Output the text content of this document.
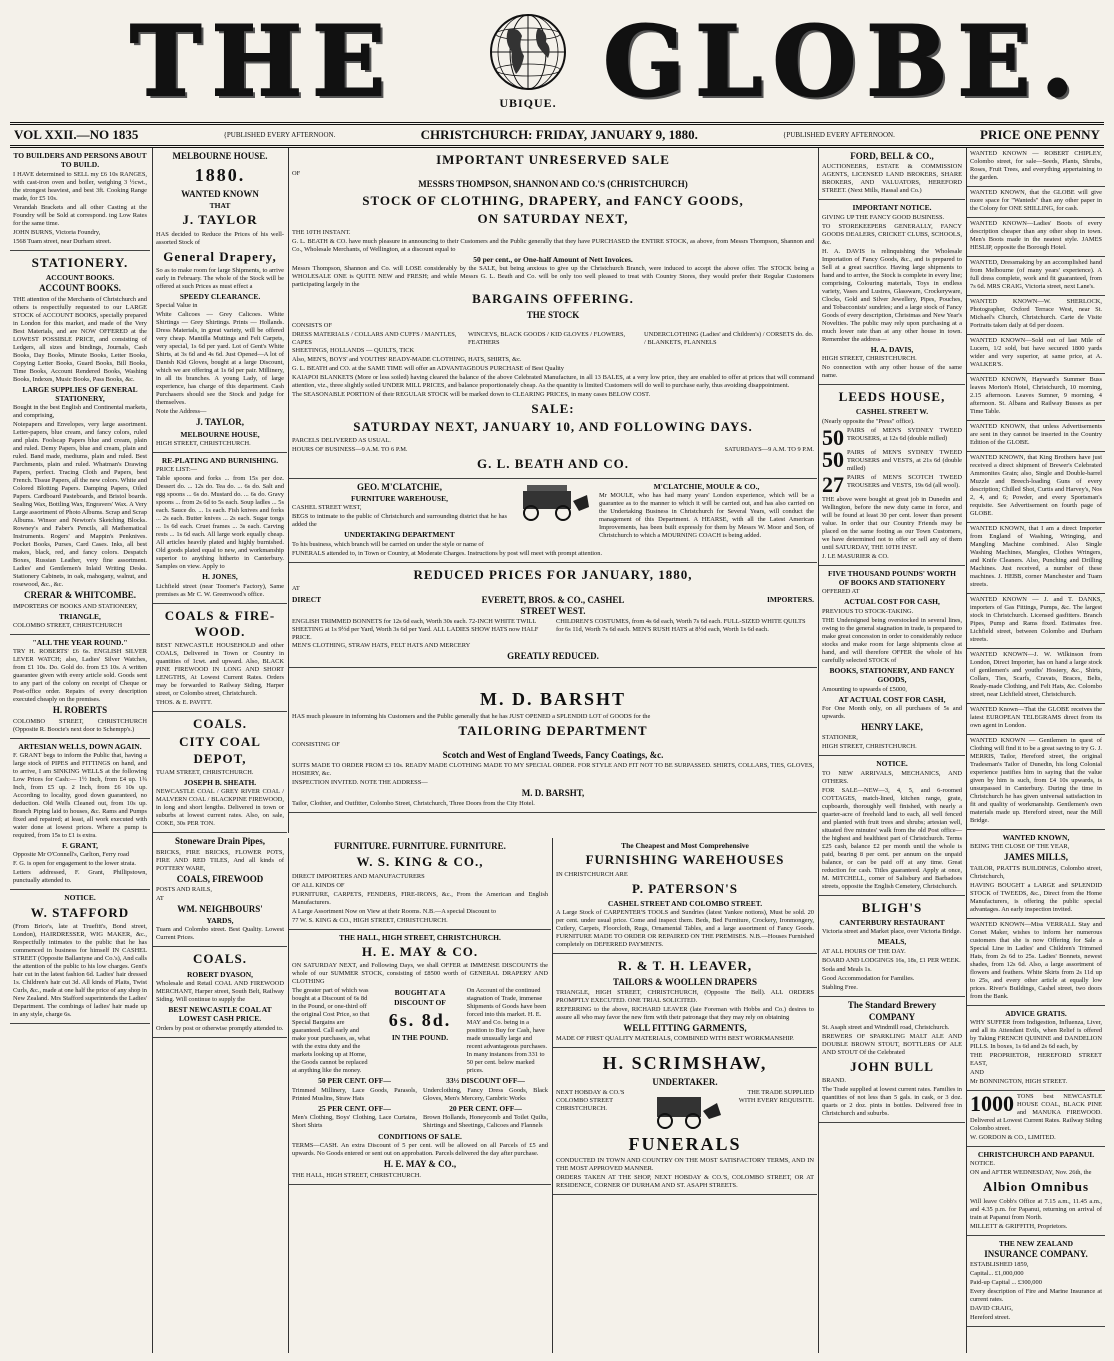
THE	UBIQUE. GLOBE.
VOL XXII.—NO 1835	{PUBLISHED EVERY AFTERNOON.	CHRISTCHURCH: FRIDAY, JANUARY 9, 1880.	{PUBLISHED EVERY AFTERNOON.	PRICE ONE PENNY
TO BUILDERS AND PERSONS ABOUT TO BUILD.

I HAVE determined to SELL my £6 10s RANGES, with cast-iron oven and boiler, weighing 3 ½cwt., the strongest heaviest, and best 3ft. Cooking Range made, for £5 10s.

Verandah Brackets and all other Casting at the Foundry will be Sold at correspond. ing Low Rates for the same time.

JOHN BURNS, Victoria Foundry,

1568 Tuam street, near Durham street.

STATIONERY.
ACCOUNT BOOKS.
ACCOUNT BOOKS.

THE attention of the Merchants of Christchurch and others is respectfully requested to our LARGE STOCK of ACCOUNT BOOKS, specially prepared in London for this market, and made of the Very Best Materials, and are NOW OFFERED at the LOWEST POSSIBLE PRICE, and consisting of Ledgers, all sizes and bindings, Journals, Cash Books, Day Books, Minute Books, Letter Books, Copying Letter Books, Guard Books, Bill Books, Time Books, Account Rendered Books, Washing Books, Indexes, Music Books, Pass Books, &c.

LARGE SUPPLIES OF GENERAL STATIONERY,

Bought in the best English and Continental markets, and comprising,

Notepapers and Envelopes, very large assortment. Letter-papers, blue cream, and fancy colors, ruled and plain. Foolscap Papers blue and cream, plain and ruled. Demy Papers, blue and cream, plain and ruled. Band made, mediums, plain and ruled. Best Parchments, plain and ruled. Whatman's Drawing Papers, perfect. Tracing Cloth and Papers, best French. Tissue Papers, all the new colors. White and Colored Blotting Papers. Damping Papers, Oiled Papers. Cardboard Pasteboards, and Bristol boards. Sealing Wax, Bottling Wax, Engravers' Wax. A Very Large assortment of Photo Albums. Scrap and Scrap Albums. Winsor and Newton's Sketching Blocks. Rowney's and Faber's Pencils, all Mathematical Instruments. Rogers' and Mappin's Penknives. Pocket Books, Purses, Card Cases. Inks, all best makes, black, red, and fancy colors. Despatch Boxes, Russian Leather, very fine assortment. Ladies' and Gentlemen's Inlaid Writing Desks. Stationery Cabinets, in oak, mahogany, walnut, and rosewood, &c., &c.

CRERAR & WHITCOMBE.

IMPORTERS OF BOOKS AND STATIONERY,

TRIANGLE,

COLOMBO STREET, CHRISTCHURCH

"ALL THE YEAR ROUND."

TRY H. ROBERTS' £6 6s. ENGLISH SILVER LEVER WATCH; also, Ladies' Silver Watches, from £1 10s. Do. Gold do. from £3 10s. A written guarantee given with every article sold. Goods sent to any part of the colony on receipt of Cheque or Post-office order. Repairs of every description executed cheaply on the premises.

H. ROBERTS

COLOMBO STREET, CHRISTCHURCH (Opposite R. Boocie's next door to Schempp's.)

ARTESIAN WELLS, DOWN AGAIN.

F. GRANT begs to inform the Public that, having a large stock of PIPES and FITTINGS on hand, and to arrive, I am SINKING WELLS at the following Low Prices for Cash:— 1½ Inch, from £4 up. 1¾ Inch, from £5 up. 2 Inch, from £6 10s up. According to locality, good down guaranteed, no deduction. Old Wells Cleaned out, from 10s up. Branch Piping laid to houses, &c. Rams and Pumps fixed and repaired; at least, all work executed with water done at lowest prices. Where a pump is required, from 15s to £1 is extra.

F. GRANT,

Opposite Mr O'Connell's, Carlton, Ferry road

F. G. is open for engagement to the lower strata.

Letters addressed, F. Grant, Phillipstown, punctually attended to.

NOTICE.
W. STAFFORD

(From Brice's, late at Truefitt's, Bond street, London), HAIRDRESSER, WIG MAKER, &c., Respectfully intimates to the public that he has commenced in business for himself IN CASHEL STREET (Opposite Ballantyne and Co.'s), And calls the attention of the public to his low charges. Gent's hair cut in the latest fashion 6d. Ladies' hair dressed 1s. Children's hair cut 3d. All kinds of Plaits, Twist Curls, &c., made at one half the price of any shop in New Zealand. Mrs Stafford superintends the Ladies' Department. The combings of ladies' hair made up in any style, charge 6s.

MELBOURNE HOUSE.
1880.
WANTED KNOWN
THAT
J. TAYLOR

HAS decided to Reduce the Prices of his well-assorted Stock of

General Drapery,

So as to make room for large Shipments, to arrive early in February. The whole of the Stock will be offered at such Prices as must effect a

SPEEDY CLEARANCE.

Special Value in

White Calicoes — Grey Calicoes. White Shirtings — Grey Shirtings. Prints — Hollands. Dress Materials, in great variety, will be offered very cheap. Mantilla Muttings and Felt Carpets, very special, 1s 6d per yard. Lot of Gent's White Shirts, at 3s 6d and 4s 6d. Just Opened—A lot of Danish Kid Gloves, bought at a large Discount, which we are offering at 1s 6d per pair. Millinery, in all its branches. A young Lady, of large experience, has charge of this department. Cash Purchasers should see the Stock and judge for themselves.

Note the Address—

J. TAYLOR,
MELBOURNE HOUSE,

HIGH STREET, CHRISTCHURCH.

RE-PLATING AND BURNISHING.

PRICE LIST:—

Table spoons and forks ... from 15s per doz. Dessert do. ... 12s do. Tea do. ... 6s do. Salt and egg spoons ... 6s do. Mustard do. ... 6s do. Gravy spoons ... from 2s 6d to 5s each. Soup ladles ... 5s each. Sauce do. ... 1s each. Fish knives and forks ... 2s each. Butter knives ... 2s each. Sugar tongs ... 1s 6d each. Cruet frames ... 3s each. Carving rests ... 1s 6d each. All large work equally cheap. All articles heavily plated and highly burnished. Old goods plated equal to new, and workmanship superior to anything hitherto in Canterbury. Samples on view. Apply to

H. JONES,

Lichfield street (near Toomer's Factory), Same premises as Mr C. W. Greenwood's office.

COALS & FIRE-WOOD.

BEST NEWCASTLE HOUSEHOLD and other COALS, Delivered in Town or Country in quantities of 1cwt. and upward. Also, BLACK PINE FIREWOOD IN LONG AND SHORT LENGTHS, At Lowest Current Rates. Orders may be forwarded to Railway Siding, Harper street, or Colombo street, Christchurch.

THOS. & E. PAVITT.

COALS.
CITY COAL DEPOT,

TUAM STREET, CHRISTCHURCH.

JOSEPH B. SHEATH.

NEWCASTLE COAL / GREY RIVER COAL / MALVERN COAL / BLACKPINE FIREWOOD, in long and short lengths. Delivered in town or suburbs at lowest current rates. Also, on sale, COKE, 30s PER TON.

Stoneware Drain Pipes,

BRICKS, FIRE BRICKS, FLOWER POTS, FIRE AND RED TILES, And all kinds of POTTERY WARE,

COALS, FIREWOOD

POSTS AND RAILS,

AT

WM. NEIGHBOURS'
YARDS,

Tuam and Colombo street. Best Quality. Lowest Current Prices.

COALS.
ROBERT DYASON,

Wholesale and Retail COAL AND FIREWOOD MERCHANT, Harper street, South Belt, Railway Siding. Will continue to supply the

BEST NEWCASTLE COAL AT LOWEST CASH PRICE.

Orders by post or otherwise promptly attended to.

IMPORTANT UNRESERVED SALE

OF

MESSRS THOMPSON, SHANNON AND CO.'S (CHRISTCHURCH)
STOCK OF CLOTHING, DRAPERY, and FANCY GOODS,
ON SATURDAY NEXT,

THE 10TH INSTANT.

G. L. BEATH & CO. have much pleasure in announcing to their Customers and the Public generally that they have PURCHASED the ENTIRE STOCK, as above, from Messrs Thompson, Shannon and Co., Wholesale Merchants, of Wellington, at a discount equal to

50 per cent., or One-half Amount of Nett Invoices.

Messrs Thompson, Shannon and Co. will LOSE considerably by the SALE, but being anxious to give up the Christchurch Branch, were induced to accept the above offer. The STOCK being a WHOLESALE ONE is QUITE NEW and FRESH; and while Messrs G. L. Beath and Co. will be only too well pleased to treat with Country Stores, they would prefer their Regular Customers participating largely in the

BARGAINS OFFERING.
THE STOCK

CONSISTS OF

DRESS MATERIALS / COLLARS AND CUFFS / MANTLES, CAPES
WINCEYS, BLACK GOODS / KID GLOVES / FLOWERS, FEATHERS
UNDERCLOTHING (Ladies' and Children's) / CORSETS do. do. / BLANKETS, FLANNELS

SHEETINGS, HOLLANDS — QUILTS, TICK

Also, MEN'S, BOYS' and YOUTHS' READY-MADE CLOTHING, HATS, SHIRTS, &c.

G. L. BEATH and CO. at the SAME TIME will offer an ADVANTAGEOUS PURCHASE of Best Quality

KAIAPOI BLANKETS (More or less soiled) having cleared the balance of the above Celebrated Manufacture, in all 13 BALES, at a very low price, they are enabled to offer at prices that will command attention, viz., three slightly soiled UNDER MILL PRICES, and balance proportionately cheap. As the quantity is limited Customers will do well to purchase early, thus avoiding disappointment.

The SEASONABLE PORTION of their REGULAR STOCK will be marked down to CLEARING PRICES, in many cases BELOW COST.

SALE:
SATURDAY NEXT, JANUARY 10, AND FOLLOWING DAYS.

PARCELS DELIVERED AS USUAL.

HOURS OF BUSINESS—9 A.M. TO 6 P.M.	SATURDAYS—9 A.M. TO 9 P.M.
G. L. BEATH AND CO.
GEO. M'CLATCHIE,
FURNITURE WAREHOUSE,

CASHEL STREET WEST,

BEGS to intimate to the public of Christchurch and surrounding district that he has added the

UNDERTAKING DEPARTMENT

To his business, which branch will be carried on under the style or name of

M'CLATCHIE, MOULE & CO.,

Mr MOULE, who has had many years' London experience, which will be a guarantee as to the manner to which it will be carried out, and has also carried on the Undertaking Business in Christchurch for Several Years, will conduct the management of this Department. A HEARSE, with all the Latest American Improvements, has been built expressly for them by Messrs W. Moor and Son, of Christchurch to which a MOURNING COACH is being added.

FUNERALS attended to, in Town or Country, at Moderate Charges. Instructions by post will meet with prompt attention.

REDUCED PRICES FOR JANUARY, 1880,

AT

DIRECT	EVERETT, BROS. & CO., CASHEL STREET WEST.
IMPORTERS.
ENGLISH TRIMMED BONNETS for 12s 6d each, Worth 30s each. 72-INCH WHITE TWILL SHEETING at 1s 9½d per Yard, Worth 3s 6d per Yard. ALL LADIES SHOW HATS now HALF PRICE.
CHILDREN'S COSTUMES, from 4s 6d each, Worth 7s 6d each. FULL-SIZED WHITE QUILTS for 6s 11d, Worth 7s 6d each. MEN'S RUSH HATS at 8½d each, Worth 1s 6d each.

MEN'S CLOTHING, STRAW HATS, FELT HATS AND MERCERY

GREATLY REDUCED.
M. D. BARSHT

HAS much pleasure in informing his Customers and the Public generally that he has JUST OPENED a SPLENDID LOT of GOODS for the

TAILORING DEPARTMENT

CONSISTING OF

Scotch and West of England Tweeds, Fancy Coatings, &c.

SUITS MADE TO ORDER FROM £3 10s. READY MADE CLOTHING MADE TO MY SPECIAL ORDER. FOR STYLE AND FIT NOT TO BE SURPASSED. SHIRTS, COLLARS, TIES, GLOVES, HOSIERY, &c.

INSPECTION INVITED. NOTE THE ADDRESS—

M. D. BARSHT,

Tailor, Clothier, and Outfitter, Colombo Street, Christchurch, Three Doors from the City Hotel.

FURNITURE. FURNITURE. FURNITURE.
W. S. KING & CO.,

DIRECT IMPORTERS AND MANUFACTURERS

OF ALL KINDS OF

FURNITURE, CARPETS, FENDERS, FIRE-IRONS, &c., From the American and English Manufacturers.

A Large Assortment Now on View at their Rooms. N.B.—A special Discount to

77 W. S. KING & CO., HIGH STREET, CHRISTCHURCH.

THE HALL, HIGH STREET, CHRISTCHURCH.
H. E. MAY & CO.

ON SATURDAY NEXT, and Following Days, we shall OFFER at IMMENSE DISCOUNTS the whole of our SUMMER STOCK, consisting of £8500 worth of GENERAL DRAPERY AND CLOTHING

The greater part of which was bought at a Discount of 6s 8d in the Pound, or one-third off the original Cost Price, so that Special Bargains are guaranteed. Call early and make your purchases, as, what with the extra duty and the markets looking up at Home, the Goods cannot be replaced at anything like the money.
BOUGHT AT A DISCOUNT OF
6s. 8d.
IN THE POUND.
On Account of the continued stagnation of Trade, immense Shipments of Goods have been forced into this market. H. E. MAY and Co. being in a position to Buy for Cash, have made unusually large and recent advantageous purchases. In many instances from 331 to 50 per cent. below marked prices.
50 PER CENT. OFF—

Trimmed Millinery, Lace Goods, Parasols, Printed Muslins, Straw Hats

25 PER CENT. OFF—

Men's Clothing, Boys' Clothing, Lace Curtains, Short Shirts

33½ DISCOUNT OFF—

Underclothing, Fancy Dress Goods, Black Gloves, Men's Mercery, Cambric Works

20 PER CENT. OFF—

Brown Hollands, Honeycomb and Toilet Quilts, Shirtings and Sheetings, Calicoes and Flannels

CONDITIONS OF SALE.

TERMS—CASH. An extra Discount of 5 per cent. will be allowed on all Parcels of £5 and upwards. No Goods entered or sent out on approbation. Parcels delivered the day after purchase.

H. E. MAY & CO.,

THE HALL, HIGH STREET, CHRISTCHURCH.

The Cheapest and Most Comprehensive
FURNISHING WAREHOUSES

IN CHRISTCHURCH ARE

P. PATERSON'S
CASHEL STREET AND COLOMBO STREET.

A Large Stock of CARPENTER'S TOOLS and Sundries (latest Yankee notions), Must be sold. 20 per cent. under usual price. Come and inspect them. Beds, Bed Furniture, Crockery, Ironmongery, Cutlery, Carpets, Floorcloth, Rugs, Ornamental Tables, and a large assortment of Fancy Goods. FURNITURE MADE TO ORDER OR REPAIRED ON THE PREMISES. N.B.—Houses Furnished completely on DEFERRED PAYMENTS.

R. & T. H. LEAVER,
TAILORS & WOOLLEN DRAPERS

TRIANGLE, HIGH STREET, CHRISTCHURCH, (Opposite The Bell). ALL ORDERS PROMPTLY EXECUTED. ONE TRIAL SOLICITED.

REFERRING to the above, RICHARD LEAVER (late Foreman with Hobbs and Co.) desires to assure all who may favor the new firm with their patronage that they may rely on obtaining

WELL FITTING GARMENTS,

MADE OF FIRST QUALITY MATERIALS, COMBINED WITH BEST WORKMANSHIP.

H. SCRIMSHAW,
UNDERTAKER.
NEXT HOBDAY & CO.'S COLOMBO STREET CHRISTCHURCH.
THE TRADE SUPPLIED WITH EVERY REQUISITE.
FUNERALS

CONDUCTED IN TOWN AND COUNTRY ON THE MOST SATISFACTORY TERMS, AND IN THE MOST APPROVED MANNER.

ORDERS TAKEN AT THE SHOP, NEXT HOBDAY & CO.'S, COLOMBO STREET, OR AT RESIDENCE, CORNER OF DURHAM AND ST. ASAPH STREETS.

FORD, BELL & CO.,

AUCTIONEERS, ESTATE & COMMISSION AGENTS, LICENSED LAND BROKERS, SHARE BROKERS, AND VALUATORS, HEREFORD STREET. (Next Mills, Hassal and Co.)

IMPORTANT NOTICE.

GIVING UP THE FANCY GOOD BUSINESS.

TO STOREKEEPERS GENERALLY, FANCY GOODS DEALERS, CRICKET CLUBS, SCHOOLS, &c.

H. A. DAVIS is relinquishing the Wholesale Importation of Fancy Goods, &c., and is prepared to Sell at a great sacrifice. Having large shipments to hand and to arrive, the Stock is complete in every line; comprising, Colouring materials, Toys in endless variety, Vases and Lustres, Glassware, Crockeryware, Clocks, Gold and Silver Jewellery, Pipes, Pouches, and Tobacconists' sundries; and a large stock of Fancy Goods of every description, Christmas and New Year's Novelties. The public may rely upon purchasing at a much lower rate than at any other house in town. Remember the address—

H. A. DAVIS,

HIGH STREET, CHRISTCHURCH.

No connection with any other house of the same name.

LEEDS HOUSE,
CASHEL STREET W.

(Nearly opposite the "Press" office).

50 PAIRS of MEN'S SYDNEY TWEED TROUSERS, at 12s 6d (double milled)

50 PAIRS of MEN'S SYDNEY TWEED TROUSERS and VESTS, at 21s 6d (double milled)

27 PAIRS of MEN'S SCOTCH TWEED TROUSERS and VESTS, 19s 6d (all wool).

THE above were bought at great job in Dunedin and Wellington, before the new duty came in force, and will be found at least 30 per cent. lower than present value. In order that our Country Friends may be placed on the same footing as our Town Customers, we have determined not to offer or sell any of them until SATURDAY, THE 10TH INST.

J. LE MASURIER & CO.

FIVE THOUSAND POUNDS' WORTH OF BOOKS AND STATIONERY

OFFERED AT

ACTUAL COST FOR CASH,

PREVIOUS TO STOCK-TAKING.

THE Undersigned being overstocked in several lines, owing to the general stagnation in trade, is prepared to make great concession in order to considerably reduce stocks and make room for large shipments close at hand, and will therefore OFFER the whole of his carefully selected STOCK of

BOOKS, STATIONERY, AND FANCY GOODS,

Amounting to upwards of £5000,

AT ACTUAL COST FOR CASH,

For One Month only, on all purchases of 5s and upwards.

HENRY LAKE,

STATIONER,

HIGH STREET, CHRISTCHURCH.

NOTICE.

TO NEW ARRIVALS, MECHANICS, AND OTHERS.

FOR SALE—NEW—3, 4, 5, and 6-roomed COTTAGES, match-lined, kitchen range, grate, cupboards, thoroughly well finished, with nearly a quarter-acre of freehold land to each, all well fenced and planted with fruit trees and shrubs; artesian well, situated five minutes' walk from the old Post office—the highest and healthiest part of Christchurch. Terms £25 cash, balance £2 per month until the whole is paid, bearing 8 per cent. per annum on the unpaid balance, or can be paid off at any time. Great reduction for cash. Titles guaranteed. Apply at once, M. MITCHELL, corner of Salisbury and Barbadoes streets, opposite the English Cemetery, Christchurch.

BLIGH'S
CANTERBURY RESTAURANT

Victoria street and Market place, over Victoria Bridge.

MEALS,

AT ALL HOURS OF THE DAY.

BOARD AND LODGINGS 16s, 18s, £1 PER WEEK.

Soda and Meals 1s.

Good Accommodation for Families.

Stabling Free.

The Standard Brewery
COMPANY

St. Asaph street and Windmill road, Christchurch.

BREWERS OF SPARKLING MALT ALE AND DOUBLE BROWN STOUT, BOTTLERS OF ALE AND STOUT Of the Celebrated

JOHN BULL

BRAND.

The Trade supplied at lowest current rates. Families in quantities of not less than 5 gals. in cask, or 3 doz. quarts or 2 doz. pints in bottles. Delivered free in Christchurch and suburbs.

WANTED KNOWN — ROBERT CHIPLEY, Colombo street, for sale—Seeds, Plants, Shrubs, Roses, Fruit Trees, and everything appertaining to the garden.

WANTED KNOWN, that the GLOBE will give more space for "Wanteds" than any other paper in the Colony for ONE SHILLING, for cash.

WANTED KNOWN—Ladies' Boots of every description cheaper than any other shop in town. Men's Boots made in the neatest style. JAMES HESLIP, opposite the Borough Hotel.

WANTED, Dressmaking by an accomplished hand from Melbourne (of many years' experience). A full dress complete, work and fit guaranteed, from 7s 6d. MRS CRAIG, Victoria street, next Lane's.

WANTED KNOWN—W. SHERLOCK, Photographer, Oxford Terrace West, near St. Michael's Church, Christchurch. Carte de Visite Portraits taken daily at 6d per dozen.

WANTED KNOWN—Sold out of last Mile of Lucern, 1/2 sold, but have secured 1800 yards wider and very superior, at same price, at A. WALKER'S.

WANTED KNOWN, Hayward's Summer Buss leaves Morton's Hotel, Christchurch, 10 morning, 2.15 afternoon. Leaves Sumner, 9 morning, 4 afternoon. St. Albans and Railway Busses as per Time Table.

WANTED KNOWN, that unless Advertisements are sent in they cannot be inserted in the Country Edition of the GLOBE.

WANTED KNOWN, that King Brothers have just received a direct shipment of Brewer's Celebrated Ammonites Grain; also, Single and Double-barrel Muzzle and Breech-loading Guns of every description; Chilled Shot, Curtis and Harvey's, Nos 2, 4, and 6; Powder, and every Sportsman's requisite. See Advertisement on fourth page of GLOBE.

WANTED KNOWN, that I am a direct Importer from England of Washing, Wringing, and Mangling Machine combined. Also Single Washing Machines, Mangles, Clothes Wringers, and Knife Cleaners. Also, Punching and Drilling Machines. Just received, a number of these machines. J. HEBB, corner Manchester and Tuam streets.

WANTED KNOWN — J. and T. DANKS, importers of Gas Fittings, Pumps, &c. The largest stock in Christchurch. Licensed gasfitters. Branch Pipes, Pump and Rams fixed. Estimates free. Lichfield street, between Colombo and Durham streets.

WANTED KNOWN—J. W. Wilkinson from London, Direct Importer, has on hand a large stock of gentlemen's and youths' Hosiery, &c., Shirts, Collars, Ties, Scarfs, Cravats, Braces, Belts, Ready-made Clothing, and Felt Hats, &c. Colombo street, near Lichfield street, Christchurch.

WANTED Known—That the GLOBE receives the latest EUROPEAN TELEGRAMS direct from its own agent in London.

WANTED KNOWN — Gentlemen in quest of Clothing will find it to be a great saving to try G. J. MERRIS, Tailor, Hereford street, the original Tradesman's Tailor of Dunedin, his long Colonial experience justifies him in saying that the value given by him is such, from £4 10s upwards, is unsurpassed in Canterbury. During the time in Christchurch he has given universal satisfaction in fit and quality of workmanship. Gentlemen's own materials made up. Hereford street, near the Mill Bridge.

WANTED KNOWN,

BEING THE CLOSE OF THE YEAR,

JAMES MILLS,

TAILOR, PRATTS BUILDINGS, Colombo street, Christchurch,

HAVING BOUGHT a LARGE and SPLENDID STOCK of TWEEDS, &c., Direct from the Home Manufacturers, is offering the public special advantages. An early inspection invited.

WANTED KNOWN—Miss VERRALL Stay and Corset Maker, wishes to inform her numerous customers that she is now Offering for Sale a Special Line in Ladies' and Children's Trimmed Hats, from 2s 6d to 25s. Ladies' Bonnets, newest shades, from 12s 6d. Also, a large assortment of flowers and feathers. White Skirts from 2s 11d up to 25s, and every other article at equally low prices. River's Buildings, Cashel street, two doors from the Bank.

ADVICE GRATIS.

WHY SUFFER from Indigestion, Influenza, Liver, and all its Attendant Evils, when Relief is offered by Taking FRENCH QUININE and DANDELION PILLS. In boxes, 1s 6d and 2s 6d each, by

THE PROPRIETOR, HEREFORD STREET EAST,

AND

Mr BONNINGTON, HIGH STREET.

1000 TONS best NEWCASTLE HOUSE COAL, BLACK PINE and MANUKA FIREWOOD. Delivered at Lowest Current Rates. Railway Siding Colombo street.

W. GORDON & CO., LIMITED.

CHRISTCHURCH AND PAPANUI.

NOTICE.

ON and AFTER WEDNESDAY, Nov. 26th, the

Albion Omnibus

Will leave Cobb's Office at 7.15 a.m., 11.45 a.m., and 4.35 p.m. for Papanui, returning on arrival of train at Papanui from North.

MILLETT & GRIFFITH, Proprietors.

THE NEW ZEALAND
INSURANCE COMPANY.

ESTABLISHED 1859,

Capital... £1,000,000

Paid-up Capital ... £300,000

Every description of Fire and Marine Insurance at current rates.

DAVID CRAIG,

Hereford street.
